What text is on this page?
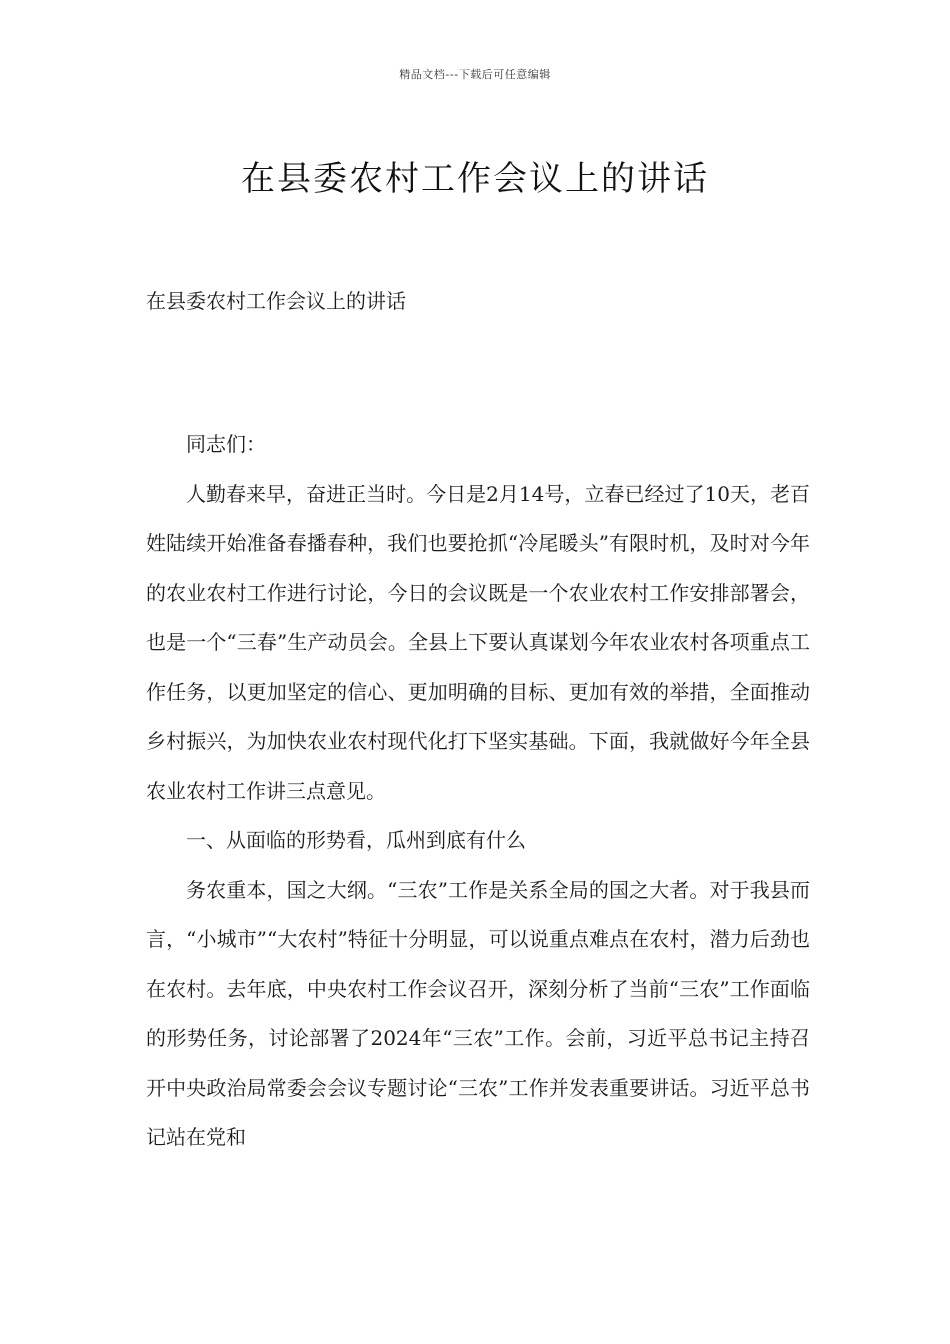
精品文档---下载后可任意编辑
在县委农村工作会议上的讲话
在县委农村工作会议上的讲话

同志们：

人勤春来早，奋进正当时。今日是2月14号，立春已经过了10天，老百姓陆续开始准备春播春种，我们也要抢抓“冷尾暖头”有限时机，及时对今年的农业农村工作进行讨论，今日的会议既是一个农业农村工作安排部署会，也是一个“三春”生产动员会。全县上下要认真谋划今年农业农村各项重点工作任务，以更加坚定的信心、更加明确的目标、更加有效的举措，全面推动乡村振兴，为加快农业农村现代化打下坚实基础。下面，我就做好今年全县农业农村工作讲三点意见。

一、从面临的形势看，瓜州到底有什么

务农重本，国之大纲。“三农”工作是关系全局的国之大者。对于我县而言，“小城市”“大农村”特征十分明显，可以说重点难点在农村，潜力后劲也在农村。去年底，中央农村工作会议召开，深刻分析了当前“三农”工作面临的形势任务，讨论部署了2024年“三农”工作。会前，习近平总书记主持召开中央政治局常委会会议专题讨论“三农”工作并发表重要讲话。习近平总书记站在党和
